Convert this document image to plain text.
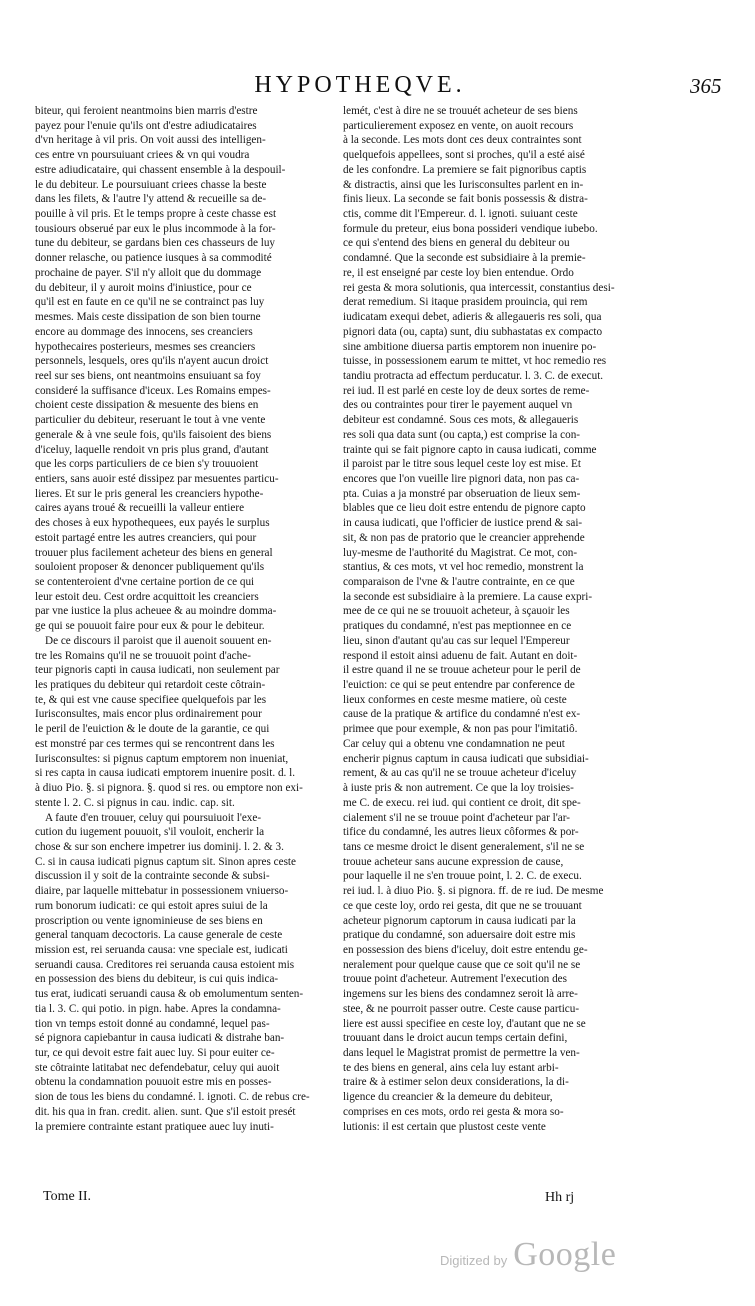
HYPOTHEQVE.	365

biteur, qui feroient neantmoins bien marris d'estre
payez pour l'enuie qu'ils ont d'estre adiudicataires
d'vn heritage à vil pris. On voit aussi des intelligen-
ces entre vn poursuiuant criees & vn qui voudra
estre adiudicataire, qui chassent ensemble à la despouil-
le du debiteur. Le poursuiuant criees chasse la beste
dans les filets, & l'autre l'y attend & recueille sa de-
pouille à vil pris. Et le temps propre à ceste chasse est
tousiours obserué par eux le plus incommode à la for-
tune du debiteur, se gardans bien ces chasseurs de luy
donner relasche, ou patience iusques à sa commodité
prochaine de payer. S'il n'y alloit que du dommage
du debiteur, il y auroit moins d'iniustice, pour ce
qu'il est en faute en ce qu'il ne se contrainct pas luy
mesmes. Mais ceste dissipation de son bien tourne
encore au dommage des innocens, ses creanciers
hypothecaires posterieurs, mesmes ses creanciers
personnels, lesquels, ores qu'ils n'ayent aucun droict
reel sur ses biens, ont neantmoins ensuiuant sa foy
consideré la suffisance d'iceux. Les Romains empes-
choient ceste dissipation & mesuente des biens en
particulier du debiteur, reseruant le tout à vne vente
generale & à vne seule fois, qu'ils faisoient des biens
d'iceluy, laquelle rendoit vn pris plus grand, d'autant
que les corps particuliers de ce bien s'y trouuoient
entiers, sans auoir esté dissipez par mesuentes particu-
lieres. Et sur le pris general les creanciers hypothe-
caires ayans troué & recueilli la valleur entiere
des choses à eux hypothequees, eux payés le surplus
estoit partagé entre les autres creanciers, qui pour
trouuer plus facilement acheteur des biens en general
souloient proposer & denoncer publiquement qu'ils
se contenteroient d'vne certaine portion de ce qui
leur estoit deu. Cest ordre acquittoit les creanciers
par vne iustice la plus acheuee & au moindre domma-
ge qui se pouuoit faire pour eux & pour le debiteur.

De ce discours il paroist que il auenoit souuent en-
tre les Romains qu'il ne se trouuoit point d'ache-
teur pignoris capti in causa iudicati, non seulement par
les pratiques du debiteur qui retardoit ceste côtrain-
te, & qui est vne cause specifiee quelquefois par les
Iurisconsultes, mais encor plus ordinairement pour
le peril de l'euiction & le doute de la garantie, ce qui
est monstré par ces termes qui se rencontrent dans les
Iurisconsultes: si pignus captum emptorem non inueniat,
si res capta in causa iudicati emptorem inuenire posit. d. l.
à diuo Pio. §. si pignora. §. quod si res. ou emptore non exi-
stente l. 2. C. si pignus in cau. indic. cap. sit.

A faute d'en trouuer, celuy qui poursuiuoit l'exe-
cution du iugement pouuoit, s'il vouloit, encherir la
chose & sur son enchere impetrer ius dominij. l. 2. & 3.
C. si in causa iudicati pignus captum sit. Sinon apres ceste
discussion il y soit de la contrainte seconde & subsi-
diaire, par laquelle mittebatur in possessionem vniuerso-
rum bonorum iudicati: ce qui estoit apres suiui de la
proscription ou vente ignominieuse de ses biens en
general tanquam decoctoris. La cause generale de ceste
mission est, rei seruanda causa: vne speciale est, iudicati
seruandi causa. Creditores rei seruanda causa estoient mis
en possession des biens du debiteur, is cui quis indica-
tus erat, iudicati seruandi causa & ob emolumentum senten-
tia l. 3. C. qui potio. in pign. habe. Apres la condamna-
tion vn temps estoit donné au condamné, lequel pas-
sé pignora capiebantur in causa iudicati & distrahe ban-
tur, ce qui devoit estre fait auec luy. Si pour euiter ce-
ste côtrainte latitabat nec defendebatur, celuy qui auoit
obtenu la condamnation pouuoit estre mis en posses-
sion de tous les biens du condamné. l. ignoti. C. de rebus cre-
dit. his qua in fran. credit. alien. sunt. Que s'il estoit presét
la premiere contrainte estant pratiquee auec luy inuti-

lemét, c'est à dire ne se trouuét acheteur de ses biens
particulierement exposez en vente, on auoit recours
à la seconde. Les mots dont ces deux contraintes sont
quelquefois appellees, sont si proches, qu'il a esté aisé
de les confondre. La premiere se fait pignoribus captis
& distractis, ainsi que les Iurisconsultes parlent en in-
finis lieux. La seconde se fait bonis possessis & distra-
ctis, comme dit l'Empereur. d. l. ignoti. suiuant ceste
formule du preteur, eius bona possideri vendique iubebo.
ce qui s'entend des biens en general du debiteur ou
condamné. Que la seconde est subsidiaire à la premie-
re, il est enseigné par ceste loy bien entendue. Ordo
rei gesta & mora solutionis, qua intercessit, constantius desi-
derat remedium. Si itaque prasidem prouincia, qui rem
iudicatam exequi debet, adieris & allegaueris res soli, qua
pignori data (ou, capta) sunt, diu subhastatas ex compacto
sine ambitione diuersa partis emptorem non inuenire po-
tuisse, in possessionem earum te mittet, vt hoc remedio res
tandiu protracta ad effectum perducatur. l. 3. C. de execut.
rei iud. Il est parlé en ceste loy de deux sortes de reme-
des ou contraintes pour tirer le payement auquel vn
debiteur est condamné. Sous ces mots, & allegaueris
res soli qua data sunt (ou capta,) est comprise la con-
trainte qui se fait pignore capto in causa iudicati, comme
il paroist par le titre sous lequel ceste loy est mise. Et
encores que l'on vueille lire pignori data, non pas ca-
pta. Cuias a ja monstré par obseruation de lieux sem-
blables que ce lieu doit estre entendu de pignore capto
in causa iudicati, que l'officier de iustice prend & sai-
sit, & non pas de pratorio que le creancier apprehende
luy-mesme de l'authorité du Magistrat. Ce mot, con-
stantius, & ces mots, vt vel hoc remedio, monstrent la
comparaison de l'vne & l'autre contrainte, en ce que
la seconde est subsidiaire à la premiere. La cause expri-
mee de ce qui ne se trouuoit acheteur, à sçauoir les
pratiques du condamné, n'est pas meptionnee en ce
lieu, sinon d'autant qu'au cas sur lequel l'Empereur
respond il estoit ainsi aduenu de fait. Autant en doit-
il estre quand il ne se trouue acheteur pour le peril de
l'euiction: ce qui se peut entendre par conference de
lieux conformes en ceste mesme matiere, où ceste
cause de la pratique & artifice du condamné n'est ex-
primee que pour exemple, & non pas pour l'imitatiô.
Car celuy qui a obtenu vne condamnation ne peut
encherir pignus captum in causa iudicati que subsidiai-
rement, & au cas qu'il ne se trouue acheteur d'iceluy
à iuste pris & non autrement. Ce que la loy troisies-
me C. de execu. rei iud. qui contient ce droit, dit spe-
cialement s'il ne se trouue point d'acheteur par l'ar-
tifice du condamné, les autres lieux côformes & por-
tans ce mesme droict le disent generalement, s'il ne se
trouue acheteur sans aucune expression de cause,
pour laquelle il ne s'en trouue point, l. 2. C. de execu.
rei iud. l. à diuo Pio. §. si pignora. ff. de re iud. De mesme
ce que ceste loy, ordo rei gesta, dit que ne se trouuant
acheteur pignorum captorum in causa iudicati par la
pratique du condamné, son aduersaire doit estre mis
en possession des biens d'iceluy, doit estre entendu ge-
neralement pour quelque cause que ce soit qu'il ne se
trouue point d'acheteur. Autrement l'execution des
ingemens sur les biens des condamnez seroit là arre-
stee, & ne pourroit passer outre. Ceste cause particu-
liere est aussi specifiee en ceste loy, d'autant que ne se
trouuant dans le droict aucun temps certain defini,
dans lequel le Magistrat promist de permettre la ven-
te des biens en general, ains cela luy estant arbi-
traire & à estimer selon deux considerations, la di-
ligence du creancier & la demeure du debiteur,
comprises en ces mots, ordo rei gesta & mora so-
lutionis: il est certain que plustost ceste vente

Tome II.	Hh rj
Digitized by Google
